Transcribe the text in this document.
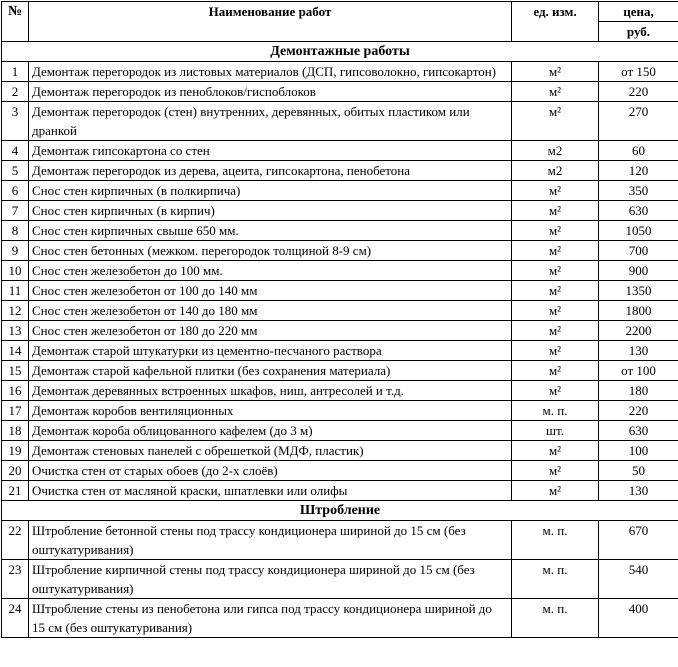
№	Наименование работ	ед. изм.	цена,
			руб.
Демонтажные работы			
1	Демонтаж перегородок из листовых материалов (ДСП, гипсоволокно, гипсокартон)	м²	от 150
2	Демонтаж перегородок из пеноблоков/гиспоблоков	м²	220
3	Демонтаж перегородок (стен) внутренних, деревянных, обитых пластиком или дранкой	м²	270
4	Демонтаж гипсокартона со стен	м2	60
5	Демонтаж перегородок из дерева, ацеита, гипсокартона, пенобетона	м2	120
6	Снос стен кирпичных (в полкирпича)	м²	350
7	Снос стен кирпичных (в кирпич)	м²	630
8	Снос стен кирпичных свыше 650 мм.	м²	1050
9	Снос стен бетонных (межком. перегородок толщиной 8-9 см)	м²	700
10	Снос стен железобетон до 100 мм.	м²	900
11	Снос стен железобетон от 100 до 140 мм	м²	1350
12	Снос стен железобетон от 140 до 180 мм	м²	1800
13	Снос стен железобетон от 180 до 220 мм	м²	2200
14	Демонтаж старой штукатурки из цементно-песчаного раствора	м²	130
15	Демонтаж старой кафельной плитки (без сохранения материала)	м²	от 100
16	Демонтаж деревянных встроенных шкафов, ниш, антресолей и т.д.	м²	180
17	Демонтаж коробов вентиляционных	м. п.	220
18	Демонтаж короба облицованного кафелем (до 3 м)	шт.	630
19	Демонтаж стеновых панелей с обрешеткой (МДФ, пластик)	м²	100
20	Очистка стен от старых обоев (до 2-х слоёв)	м²	50
21	Очистка стен от масляной краски, шпатлевки или олифы	м²	130
Штробление			
22	Штробление бетонной стены под трассу кондиционера шириной до 15 см (без оштукатуривания)	м. п.	670
23	Штробление кирпичной стены под трассу кондиционера шириной до 15 см (без оштукатуривания)	м. п.	540
24	Штробление стены из пенобетона или гипса под трассу кондиционера шириной до 15 см (без оштукатуривания)	м. п.	400
